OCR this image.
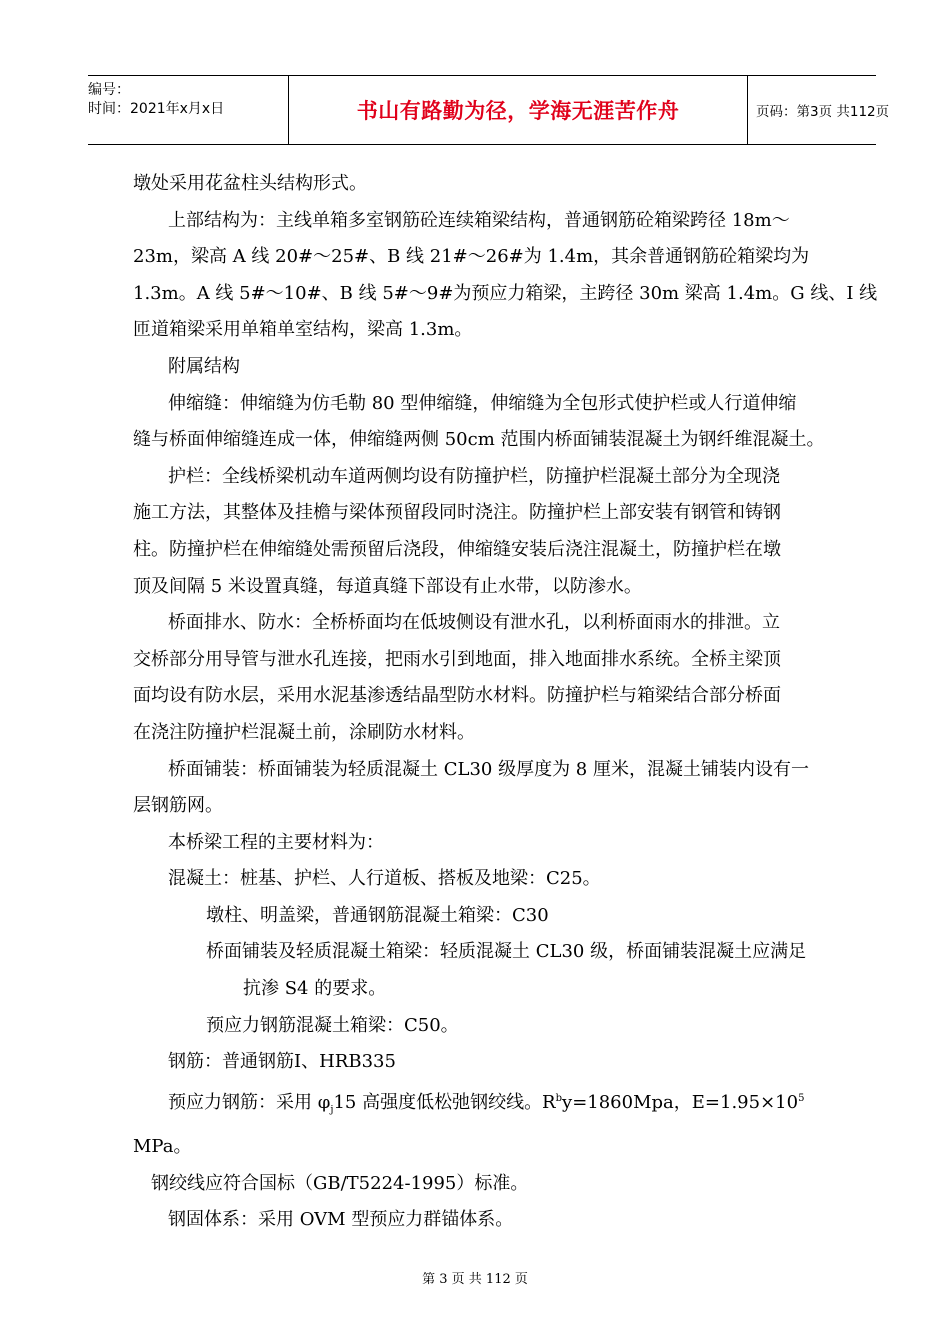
编号：
时间：2021年x月x日	书山有路勤为径，学海无涯苦作舟	页码：第3页 共112页

墩处采用花盆柱头结构形式。

上部结构为：主线单箱多室钢筋砼连续箱梁结构，普通钢筋砼箱梁跨径 18m～

23m，梁高 A 线 20#～25#、B 线 21#～26#为 1.4m，其余普通钢筋砼箱梁均为

1.3m。A 线 5#～10#、B 线 5#～9#为预应力箱梁，主跨径 30m 梁高 1.4m。G 线、I 线

匝道箱梁采用单箱单室结构，梁高 1.3m。

附属结构

伸缩缝：伸缩缝为仿毛勒 80 型伸缩缝，伸缩缝为全包形式使护栏或人行道伸缩

缝与桥面伸缩缝连成一体，伸缩缝两侧 50cm 范围内桥面铺装混凝土为钢纤维混凝土。

护栏：全线桥梁机动车道两侧均设有防撞护栏，防撞护栏混凝土部分为全现浇

施工方法，其整体及挂檐与梁体预留段同时浇注。防撞护栏上部安装有钢管和铸钢

柱。防撞护栏在伸缩缝处需预留后浇段，伸缩缝安装后浇注混凝土，防撞护栏在墩

顶及间隔 5 米设置真缝，每道真缝下部设有止水带，以防渗水。

桥面排水、防水：全桥桥面均在低坡侧设有泄水孔，以利桥面雨水的排泄。立

交桥部分用导管与泄水孔连接，把雨水引到地面，排入地面排水系统。全桥主梁顶

面均设有防水层，采用水泥基渗透结晶型防水材料。防撞护栏与箱梁结合部分桥面

在浇注防撞护栏混凝土前，涂刷防水材料。

桥面铺装：桥面铺装为轻质混凝土 CL30 级厚度为 8 厘米，混凝土铺装内设有一

层钢筋网。

本桥梁工程的主要材料为：

混凝土：桩基、护栏、人行道板、搭板及地梁：C25。

墩柱、明盖梁，普通钢筋混凝土箱梁：C30

桥面铺装及轻质混凝土箱梁：轻质混凝土 CL30 级，桥面铺装混凝土应满足

抗渗 S4 的要求。

预应力钢筋混凝土箱梁：C50。

钢筋：普通钢筋Ⅰ、HRB335

预应力钢筋：采用 $\varphi_j15$ 高强度低松弛钢绞线。$R^by=1860Mpa$，$E=1.95\times 10^5$

MPa。

钢绞线应符合国标（GB/T5224-1995）标准。

钢固体系：采用 OVM 型预应力群锚体系。

第 3 页 共 112 页
